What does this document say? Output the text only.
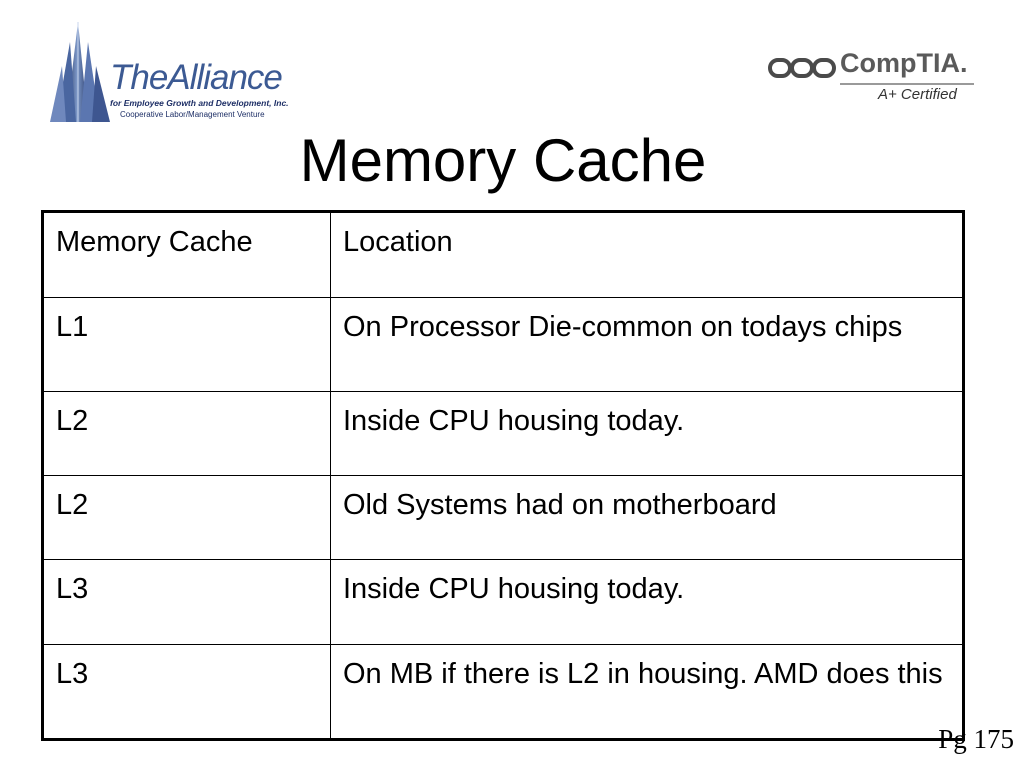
TheAlliance
for Employee Growth and Development, Inc.
Cooperative Labor/Management Venture
CompTIA.
A+ Certified
Memory Cache
Memory Cache	Location
L1	On Processor Die-common on todays chips
L2	Inside CPU housing today.
L2	Old Systems had on motherboard
L3	Inside CPU housing today.
L3	On MB if there is L2 in housing. AMD does this
Pg 175
